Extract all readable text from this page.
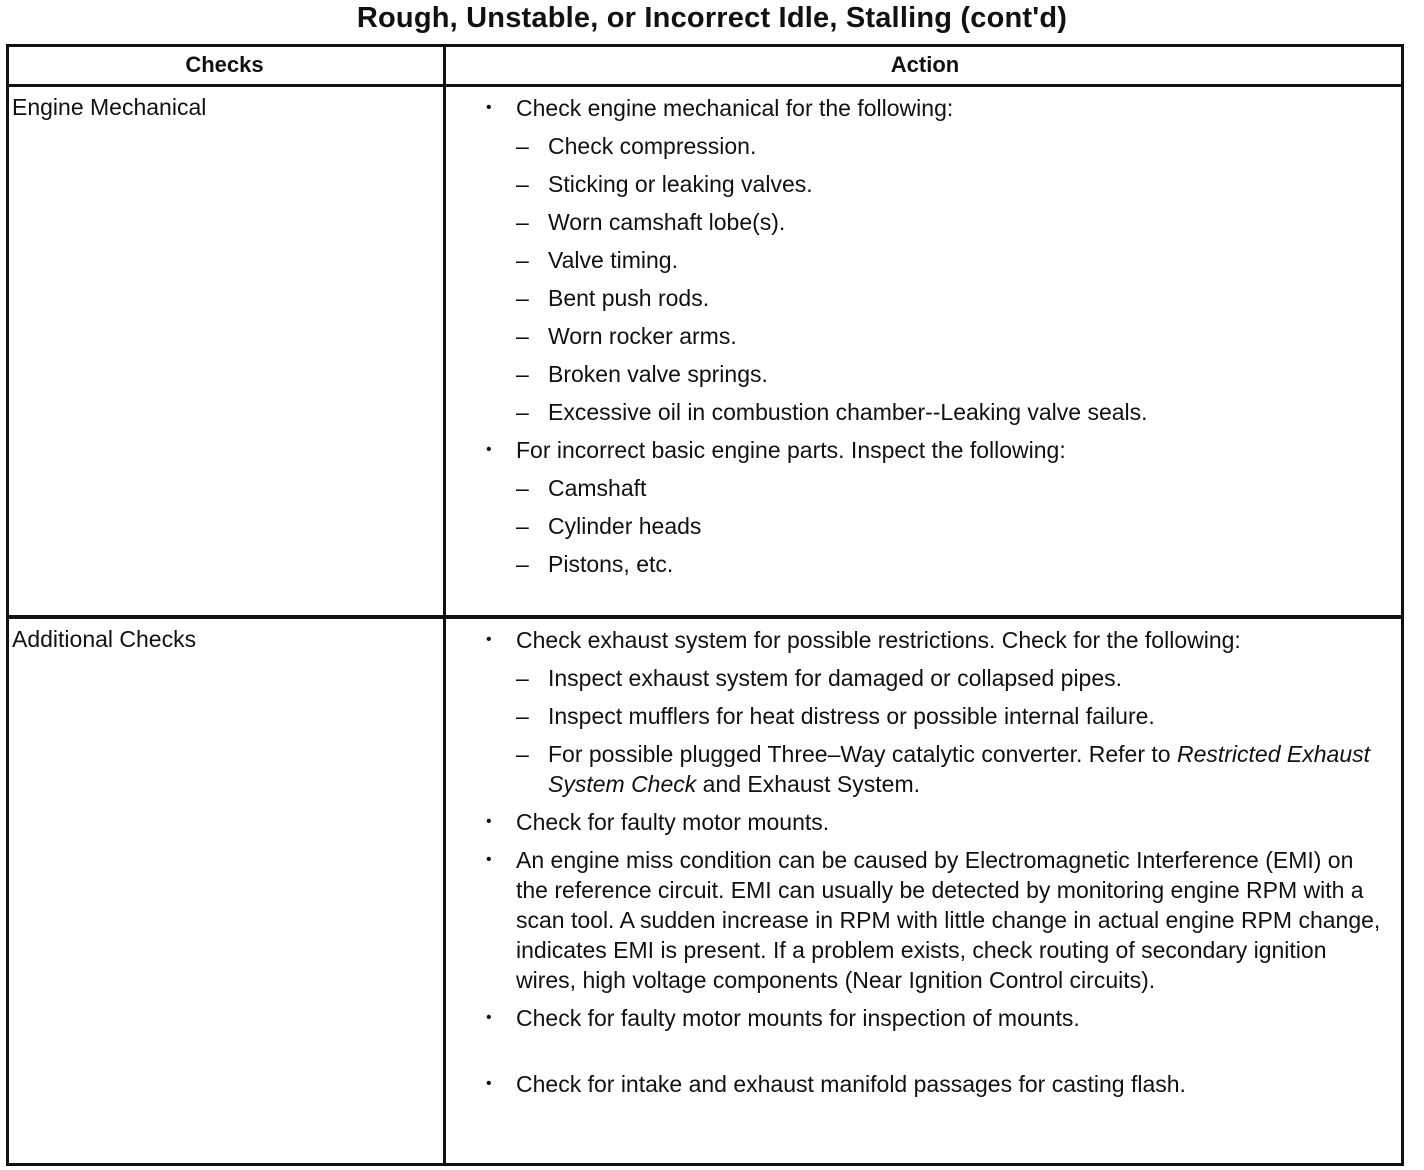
Rough, Unstable, or Incorrect Idle, Stalling (cont'd)
Checks	Action
Engine Mechanical	• Check engine mechanical for the following:
– Check compression.
– Sticking or leaking valves.
– Worn camshaft lobe(s).
– Valve timing.
– Bent push rods.
– Worn rocker arms.
– Broken valve springs.
– Excessive oil in combustion chamber--Leaking valve seals.
• For incorrect basic engine parts. Inspect the following:
– Camshaft
– Cylinder heads
– Pistons, etc.
Additional Checks	• Check exhaust system for possible restrictions. Check for the following:
– Inspect exhaust system for damaged or collapsed pipes.
– Inspect mufflers for heat distress or possible internal failure.
– For possible plugged Three–Way catalytic converter. Refer to Restricted Exhaust System Check and Exhaust System.
• Check for faulty motor mounts.
• An engine miss condition can be caused by Electromagnetic Interference (EMI) on the reference circuit. EMI can usually be detected by monitoring engine RPM with a scan tool. A sudden increase in RPM with little change in actual engine RPM change, indicates EMI is present. If a problem exists, check routing of secondary ignition wires, high voltage components (Near Ignition Control circuits).
• Check for faulty motor mounts for inspection of mounts.
• Check for intake and exhaust manifold passages for casting flash.
